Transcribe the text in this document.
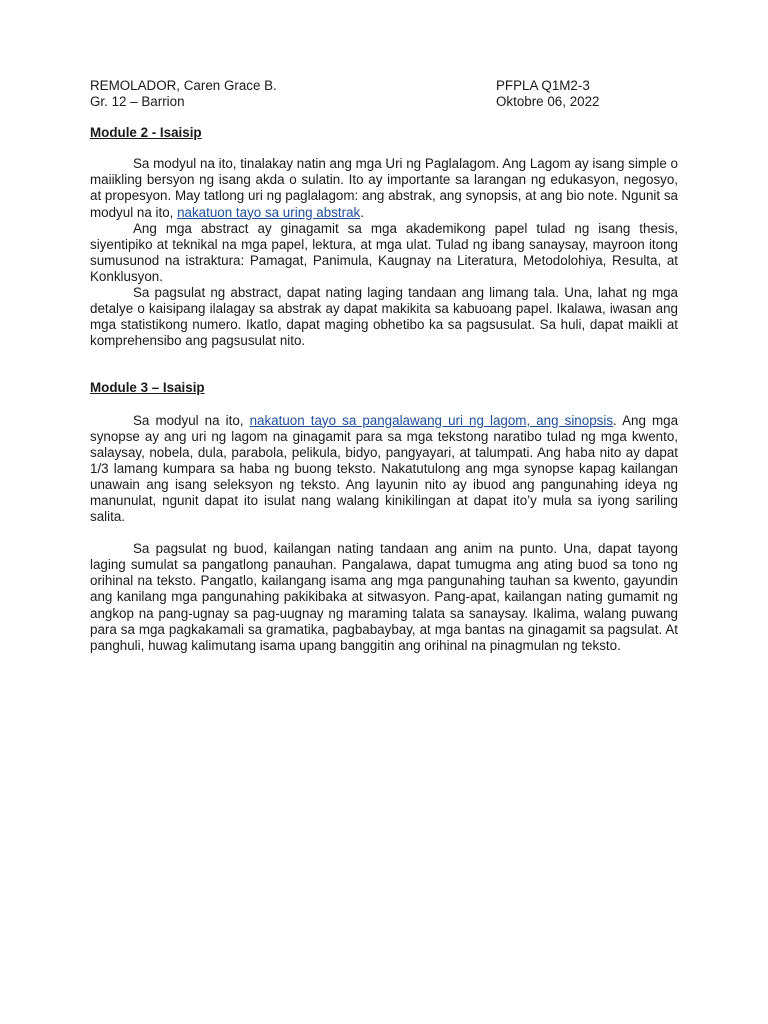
REMOLADOR, Caren Grace B.
Gr. 12 – Barrion
PFPLA Q1M2-3
Oktobre 06, 2022
Module 2 - Isaisip

Sa modyul na ito, tinalakay natin ang mga Uri ng Paglalagom. Ang Lagom ay isang simple o maiikling bersyon ng isang akda o sulatin. Ito ay importante sa larangan ng edukasyon, negosyo, at propesyon. May tatlong uri ng paglalagom: ang abstrak, ang synopsis, at ang bio note. Ngunit sa modyul na ito, nakatuon tayo sa uring abstrak.

Ang mga abstract ay ginagamit sa mga akademikong papel tulad ng isang thesis, siyentipiko at teknikal na mga papel, lektura, at mga ulat. Tulad ng ibang sanaysay, mayroon itong sumusunod na istraktura: Pamagat, Panimula, Kaugnay na Literatura, Metodolohiya, Resulta, at Konklusyon.

Sa pagsulat ng abstract, dapat nating laging tandaan ang limang tala. Una, lahat ng mga detalye o kaisipang ilalagay sa abstrak ay dapat makikita sa kabuoang papel. Ikalawa, iwasan ang mga statistikong numero. Ikatlo, dapat maging obhetibo ka sa pagsusulat. Sa huli, dapat maikli at komprehensibo ang pagsusulat nito.

Module 3 – Isaisip

Sa modyul na ito, nakatuon tayo sa pangalawang uri ng lagom, ang sinopsis. Ang mga synopse ay ang uri ng lagom na ginagamit para sa mga tekstong naratibo tulad ng mga kwento, salaysay, nobela, dula, parabola, pelikula, bidyo, pangyayari, at talumpati. Ang haba nito ay dapat 1/3 lamang kumpara sa haba ng buong teksto. Nakatutulong ang mga synopse kapag kailangan unawain ang isang seleksyon ng teksto. Ang layunin nito ay ibuod ang pangunahing ideya ng manunulat, ngunit dapat ito isulat nang walang kinikilingan at dapat ito’y mula sa iyong sariling salita.

Sa pagsulat ng buod, kailangan nating tandaan ang anim na punto. Una, dapat tayong laging sumulat sa pangatlong panauhan. Pangalawa, dapat tumugma ang ating buod sa tono ng orihinal na teksto. Pangatlo, kailangang isama ang mga pangunahing tauhan sa kwento, gayundin ang kanilang mga pangunahing pakikibaka at sitwasyon. Pang-apat, kailangan nating gumamit ng angkop na pang-ugnay sa pag-uugnay ng maraming talata sa sanaysay. Ikalima, walang puwang para sa mga pagkakamali sa gramatika, pagbabaybay, at mga bantas na ginagamit sa pagsulat. At panghuli, huwag kalimutang isama upang banggitin ang orihinal na pinagmulan ng teksto.
